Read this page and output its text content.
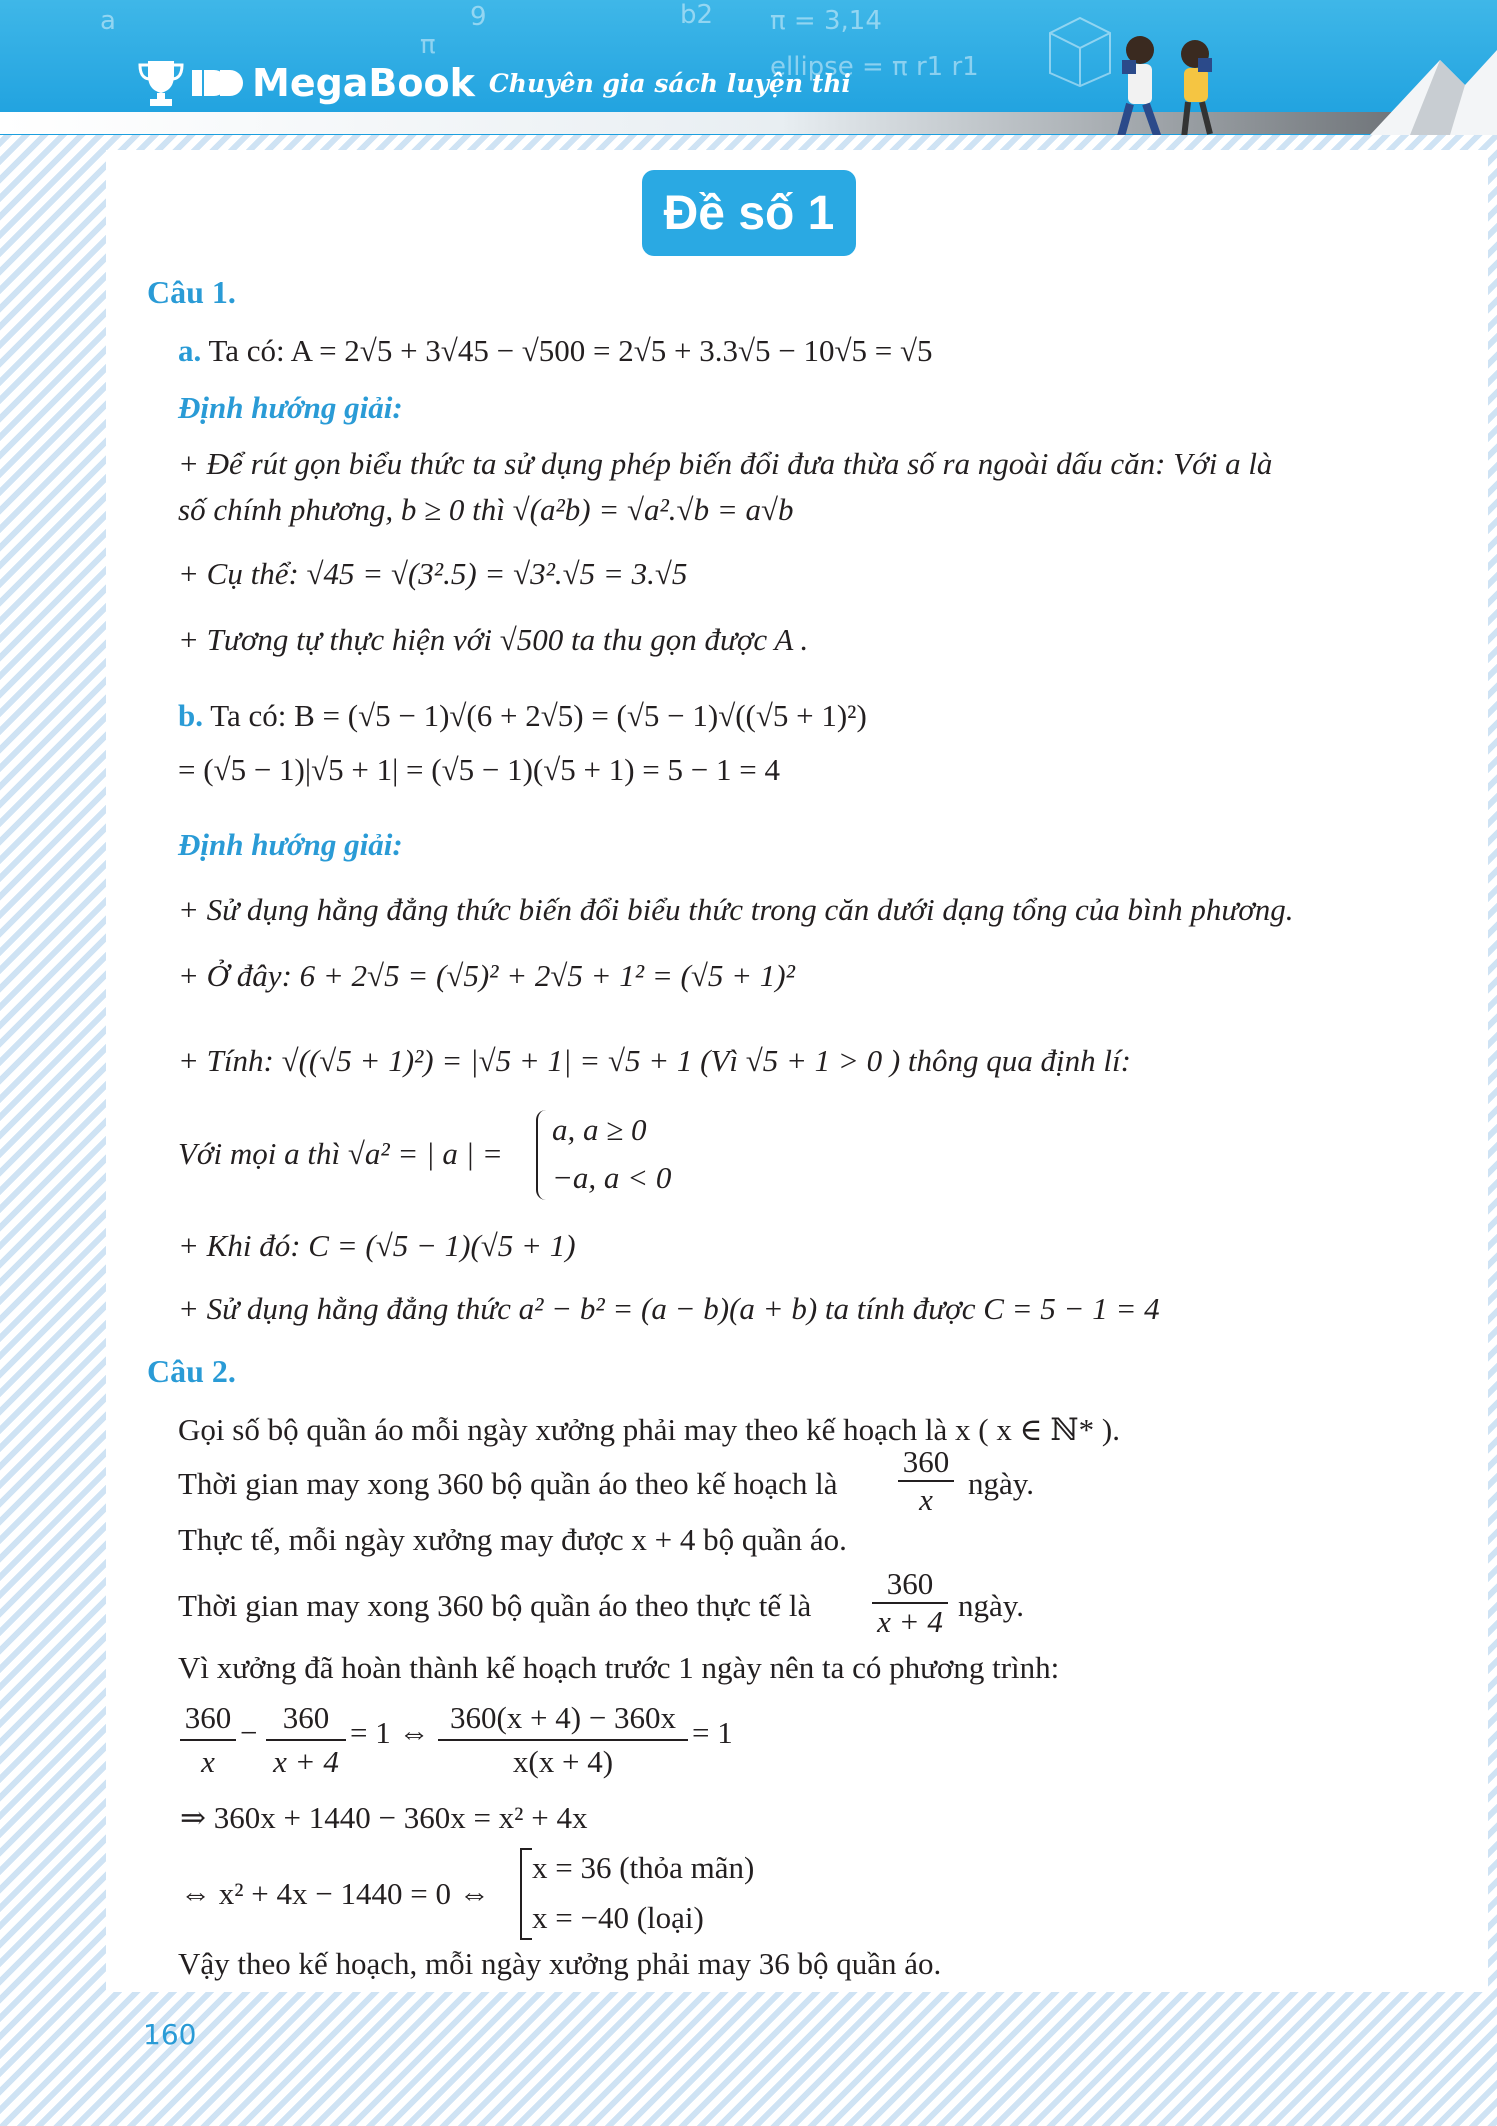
π = 3,14
ellipse = π r1 r1
π
a	9	b2
MegaBook Chuyên gia sách luyện thi
Đề số 1
Câu 1.
a. Ta có: A = 2√5 + 3√45 − √500 = 2√5 + 3.3√5 − 10√5 = √5
Định hướng giải:
+ Để rút gọn biểu thức ta sử dụng phép biến đổi đưa thừa số ra ngoài dấu căn: Với a là
số chính phương, b ≥ 0 thì √(a²b) = √a².√b = a√b
+ Cụ thể: √45 = √(3².5) = √3².√5 = 3.√5
+ Tương tự thực hiện với √500 ta thu gọn được A .
b. Ta có: B = (√5 − 1)√(6 + 2√5) = (√5 − 1)√((√5 + 1)²)
= (√5 − 1)|√5 + 1| = (√5 − 1)(√5 + 1) = 5 − 1 = 4
Định hướng giải:
+ Sử dụng hằng đẳng thức biến đổi biểu thức trong căn dưới dạng tổng của bình phương.
+ Ở đây: 6 + 2√5 = (√5)² + 2√5 + 1² = (√5 + 1)²
+ Tính: √((√5 + 1)²) = |√5 + 1| = √5 + 1 (Vì √5 + 1 > 0 ) thông qua định lí:
Với mọi a thì √a² = | a | =
a, a ≥ 0
−a, a < 0
+ Khi đó: C = (√5 − 1)(√5 + 1)
+ Sử dụng hằng đẳng thức a² − b² = (a − b)(a + b) ta tính được C = 5 − 1 = 4
Câu 2.
Gọi số bộ quần áo mỗi ngày xưởng phải may theo kế hoạch là x ( x ∈ ℕ* ).
Thời gian may xong 360 bộ quần áo theo kế hoạch là $\frac{360}{x}$ ngày.
Thực tế, mỗi ngày xưởng may được x + 4 bộ quần áo.
Thời gian may xong 360 bộ quần áo theo thực tế là $\frac{360}{x + 4}$ ngày.
Vì xưởng đã hoàn thành kế hoạch trước 1 ngày nên ta có phương trình:
$\frac{360}{x} - \frac{360}{x + 4} = 1$ ⇔ $\frac{360(x + 4) - 360x}{x(x + 4)} = 1$
⇒ 360x + 1440 − 360x = x² + 4x
⇔ x² + 4x − 1440 = 0 ⇔
x = 36 (thỏa mãn)
x = −40 (loại)
Vậy theo kế hoạch, mỗi ngày xưởng phải may 36 bộ quần áo.
160
